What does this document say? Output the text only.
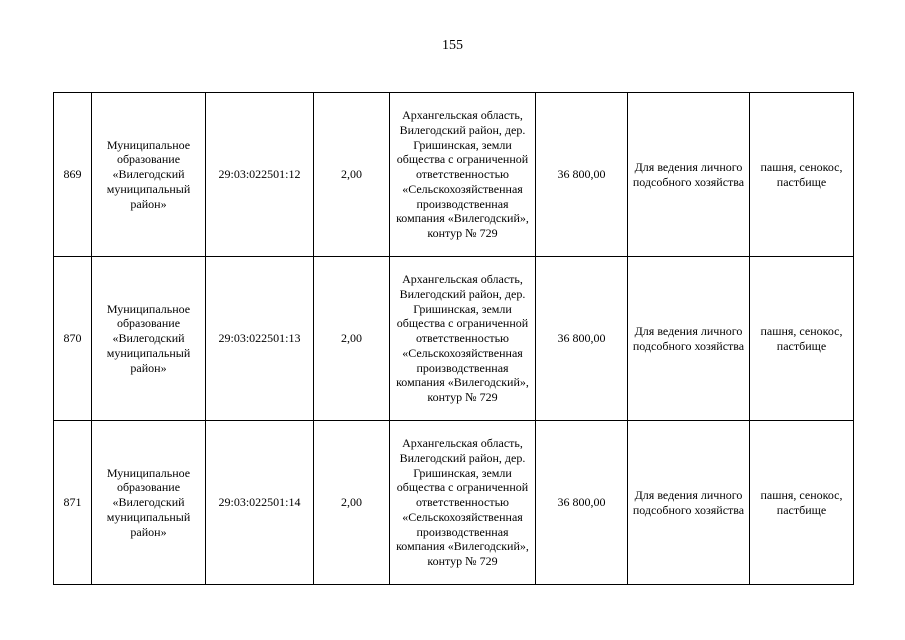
155
869	Муниципальное образование «Вилегодский муниципальный район»	29:03:022501:12	2,00	Архангельская область, Вилегодский район, дер. Гришинская, земли общества с ограниченной ответственностью «Сельскохозяйственная производственная компания «Вилегодский», контур № 729	36 800,00	Для ведения личного подсобного хозяйства	пашня, сенокос, пастбище
870	Муниципальное образование «Вилегодский муниципальный район»	29:03:022501:13	2,00	Архангельская область, Вилегодский район, дер. Гришинская, земли общества с ограниченной ответственностью «Сельскохозяйственная производственная компания «Вилегодский», контур № 729	36 800,00	Для ведения личного подсобного хозяйства	пашня, сенокос, пастбище
871	Муниципальное образование «Вилегодский муниципальный район»	29:03:022501:14	2,00	Архангельская область, Вилегодский район, дер. Гришинская, земли общества с ограниченной ответственностью «Сельскохозяйственная производственная компания «Вилегодский», контур № 729	36 800,00	Для ведения личного подсобного хозяйства	пашня, сенокос, пастбище
